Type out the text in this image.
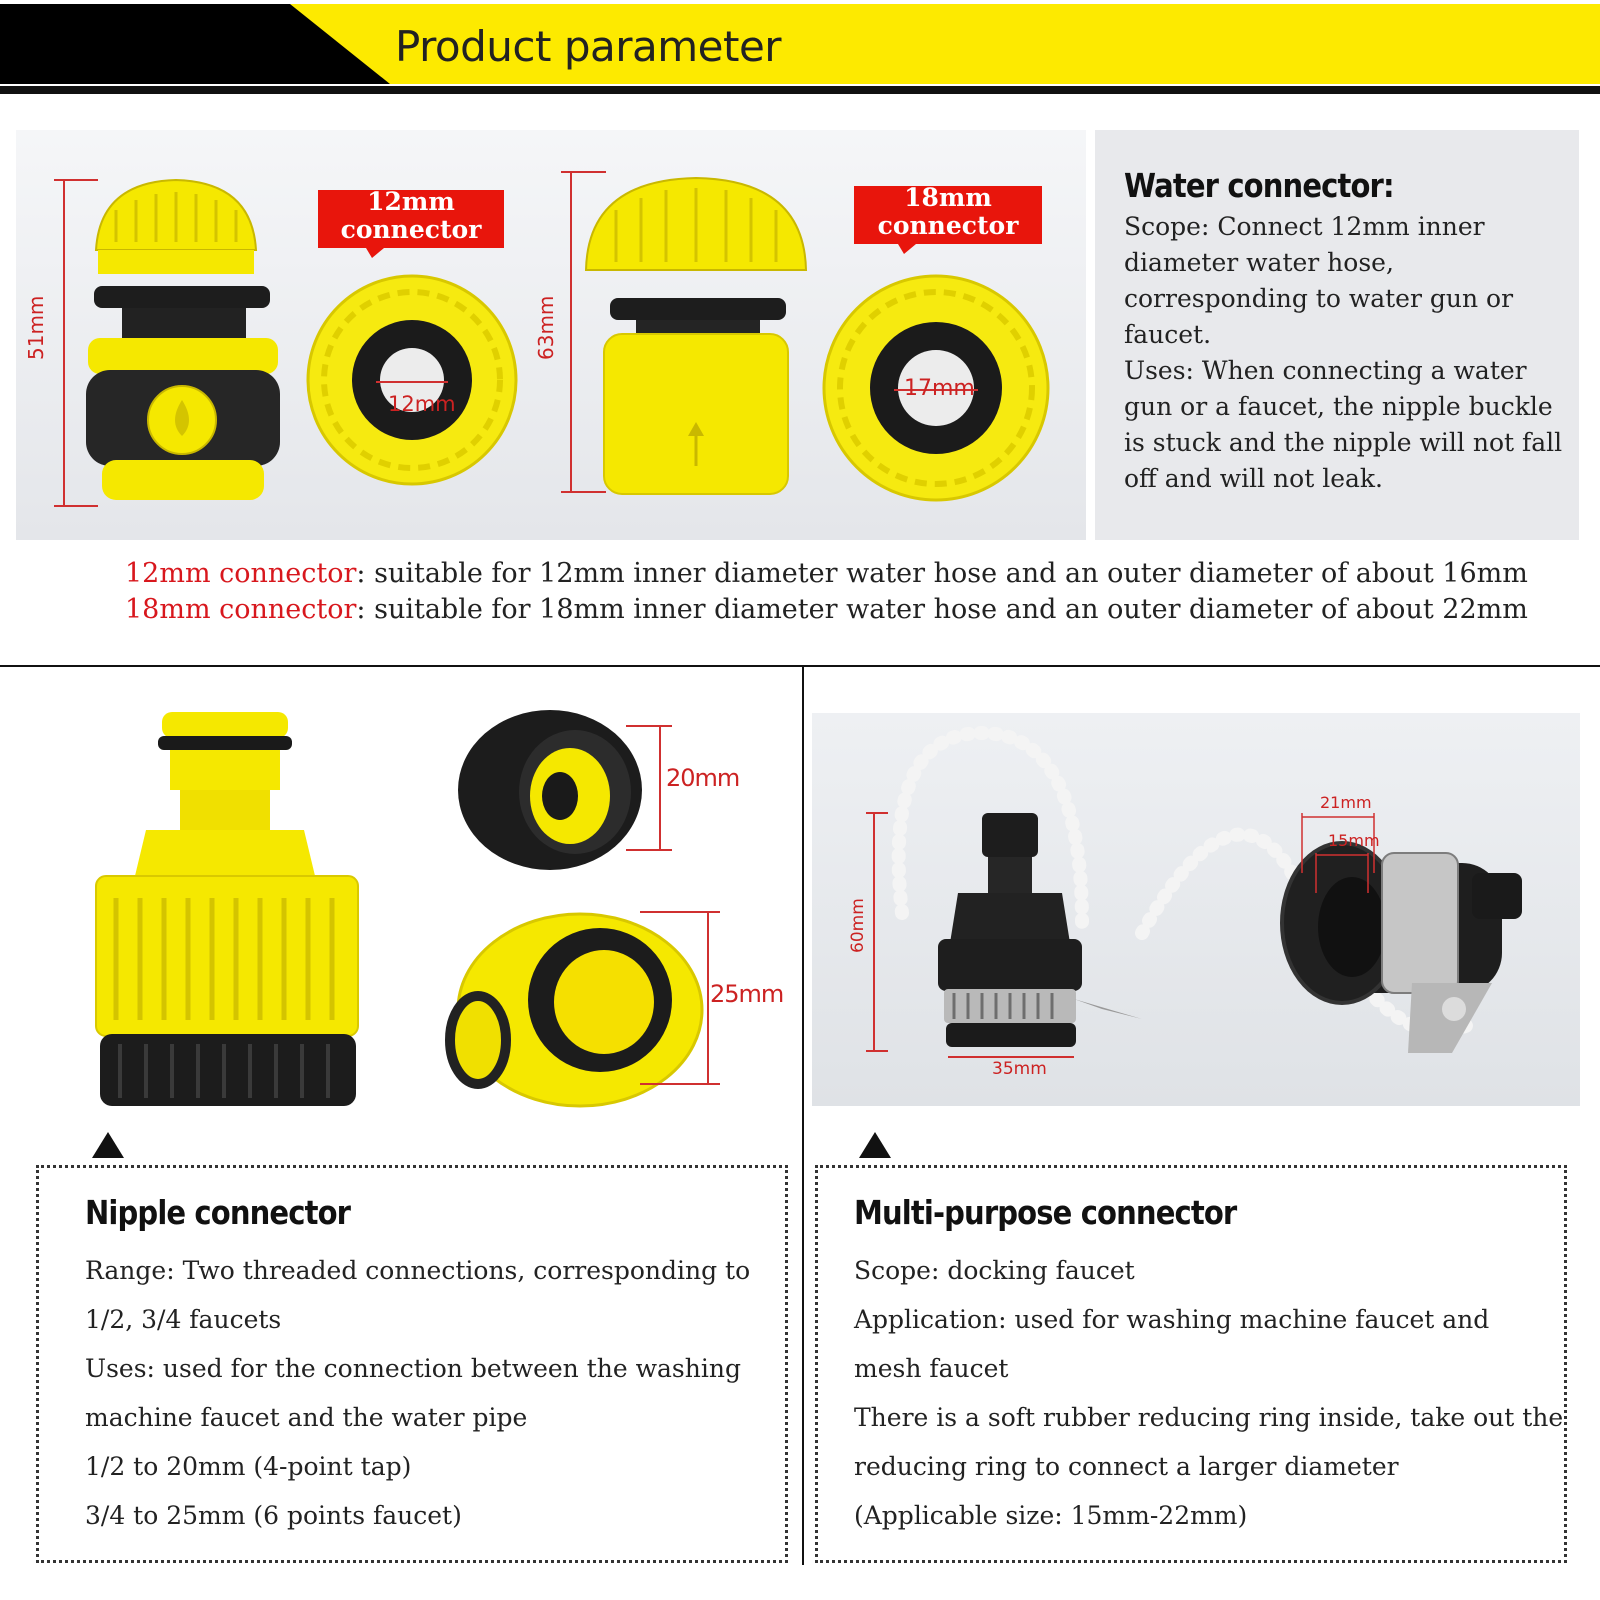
Product parameter
12mm
connector
18mm
connector
51mm	63mm
12mm
17mm
Water connector:
Scope: Connect 12mm inner
diameter water hose,
corresponding to water gun or
faucet.
Uses: When connecting a water
gun or a faucet, the nipple buckle
is stuck and the nipple will not fall
off and will not leak.
12mm connector: suitable for 12mm inner diameter water hose and an outer diameter of about 16mm
18mm connector: suitable for 18mm inner diameter water hose and an outer diameter of about 22mm
20mm
25mm
60mm
35mm
21mm
15mm
Nipple connector
Range: Two threaded connections, corresponding to
1/2, 3/4 faucets
Uses: used for the connection between the washing
machine faucet and the water pipe
1/2 to 20mm (4-point tap)
3/4 to 25mm (6 points faucet)
Multi-purpose connector
Scope: docking faucet
Application: used for washing machine faucet and
mesh faucet
There is a soft rubber reducing ring inside, take out the
reducing ring to connect a larger diameter
(Applicable size: 15mm-22mm)
